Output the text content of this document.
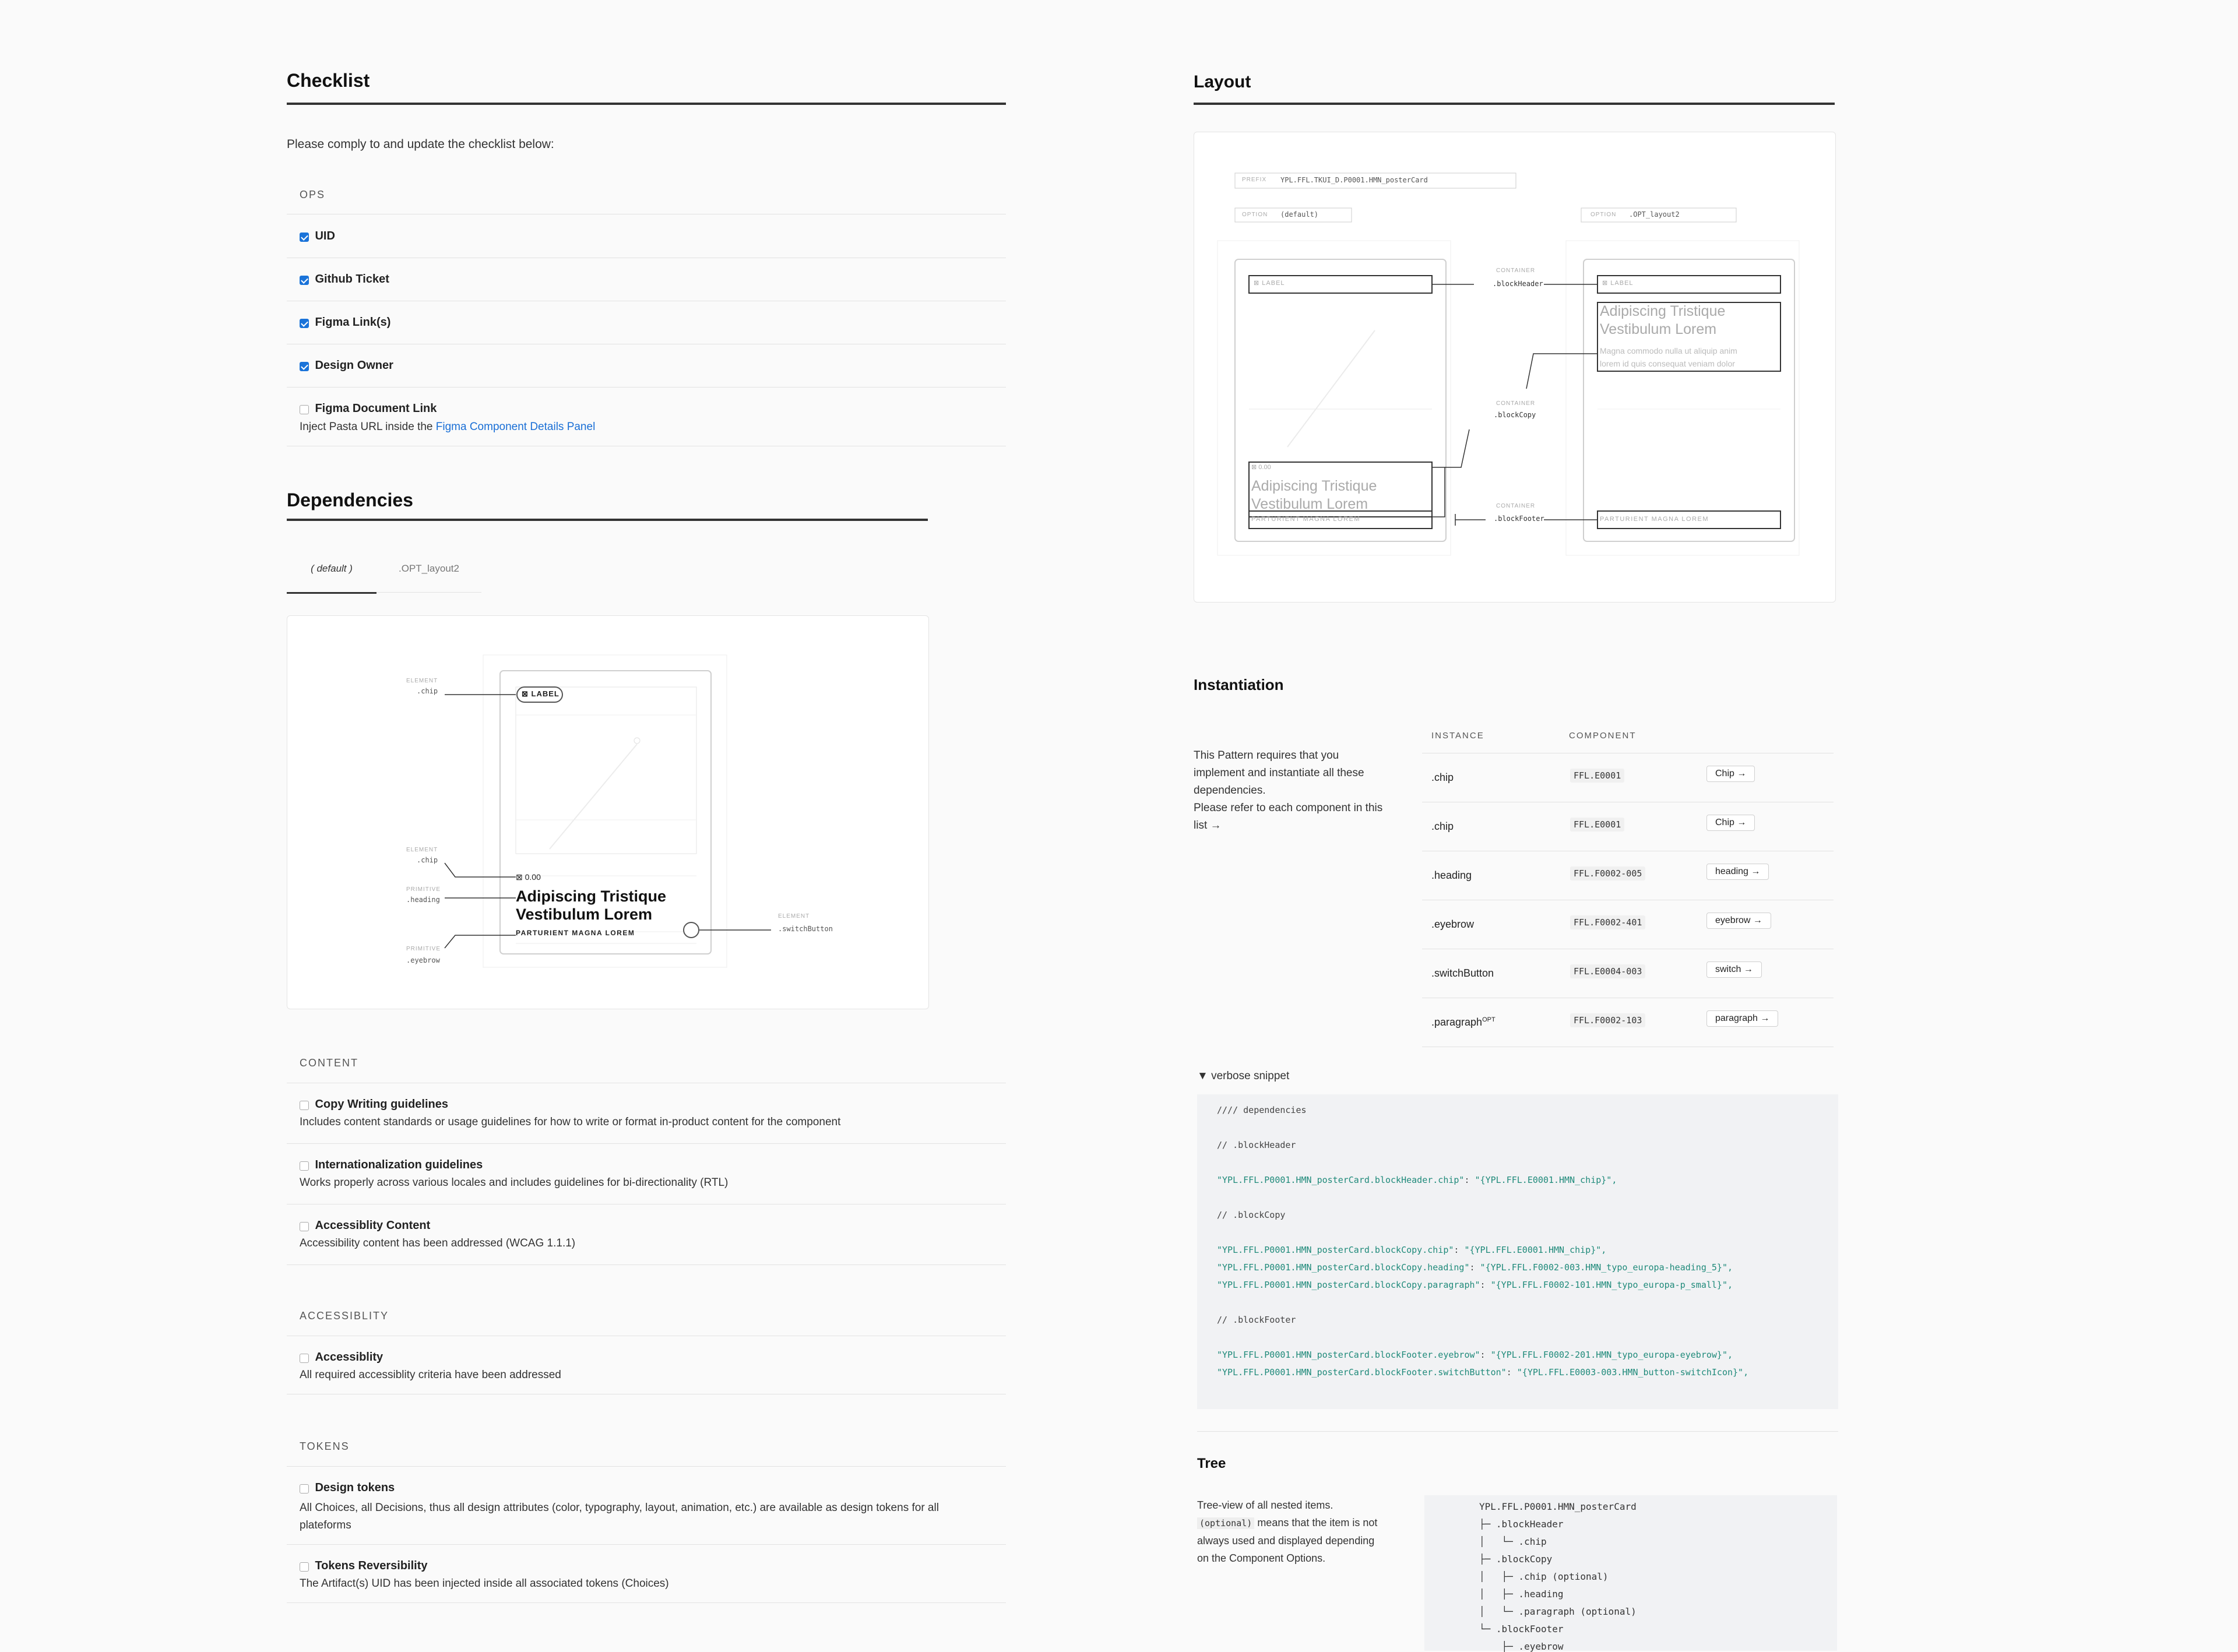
Checklist
Please comply to and update the checklist below:
OPS
UID
Github Ticket
Figma Link(s)
Design Owner
Figma Document Link
Inject Pasta URL inside the Figma Component Details Panel
Dependencies
( default )	.OPT_layout2
ELEMENT
.chip
ELEMENT
.chip
PRIMITIVE
.heading
PRIMITIVE
.eyebrow
ELEMENT
.switchButton
⊠ LABEL
⊠ 0.00
Adipiscing Tristique
Vestibulum Lorem
PARTURIENT MAGNA LOREM
CONTENT
Copy Writing guidelines
Includes content standards or usage guidelines for how to write or format in-product content for the component
Internationalization guidelines
Works properly across various locales and includes guidelines for bi-directionality (RTL)
Accessiblity Content
Accessibility content has been addressed (WCAG 1.1.1)
ACCESSIBLITY
Accessiblity
All required accessiblity criteria have been addressed
TOKENS
Design tokens
All Choices, all Decisions, thus all design attributes (color, typography, layout, animation, etc.) are available as design tokens for all
plateforms
Tokens Reversibility
The Artifact(s) UID has been injected inside all associated tokens (Choices)
Layout
PREFIX YPL.FFL.TKUI_D.P0001.HMN_posterCard
OPTION (default)	OPTION .OPT_layout2
CONTAINER
.blockHeader
CONTAINER
.blockCopy
CONTAINER
.blockFooter
⊠ LABEL	⊠ LABEL
⊠ 0.00
Adipiscing Tristique
Vestibulum Lorem
PARTURIENT MAGNA LOREM
Adipiscing Tristique
Vestibulum Lorem
Magna commodo nulla ut aliquip anim
lorem id quis consequat veniam dolor
PARTURIENT MAGNA LOREM
Instantiation
This Pattern requires that you
implement and instantiate all these
dependencies.
Please refer to each component in this
list →
INSTANCE	COMPONENT
.chip	FFL.E0001	Chip →
.chip	FFL.E0001	Chip →
.heading	FFL.F0002-005	heading →
.eyebrow	FFL.F0002-401	eyebrow →
.switchButton	FFL.E0004-003	switch →
.paragraph$^{OPT}$	FFL.F0002-103	paragraph →
▼ verbose snippet
//// dependencies
// .blockHeader
"YPL.FFL.P0001.HMN_posterCard.blockHeader.chip": "{YPL.FFL.E0001.HMN_chip}",
// .blockCopy
"YPL.FFL.P0001.HMN_posterCard.blockCopy.chip": "{YPL.FFL.E0001.HMN_chip}",
"YPL.FFL.P0001.HMN_posterCard.blockCopy.heading": "{YPL.FFL.F0002-003.HMN_typo_europa-heading_5}",
"YPL.FFL.P0001.HMN_posterCard.blockCopy.paragraph": "{YPL.FFL.F0002-101.HMN_typo_europa-p_small}",
// .blockFooter
"YPL.FFL.P0001.HMN_posterCard.blockFooter.eyebrow": "{YPL.FFL.F0002-201.HMN_typo_europa-eyebrow}",
"YPL.FFL.P0001.HMN_posterCard.blockFooter.switchButton": "{YPL.FFL.E0003-003.HMN_button-switchIcon}",
Tree
Tree-view of all nested items.
(optional) means that the item is not
always used and displayed depending
on the Component Options.
YPL.FFL.P0001.HMN_posterCard
├─ .blockHeader
│   └─ .chip
├─ .blockCopy
│   ├─ .chip (optional)
│   ├─ .heading
│   └─ .paragraph (optional)
└─ .blockFooter
├─ .eyebrow
